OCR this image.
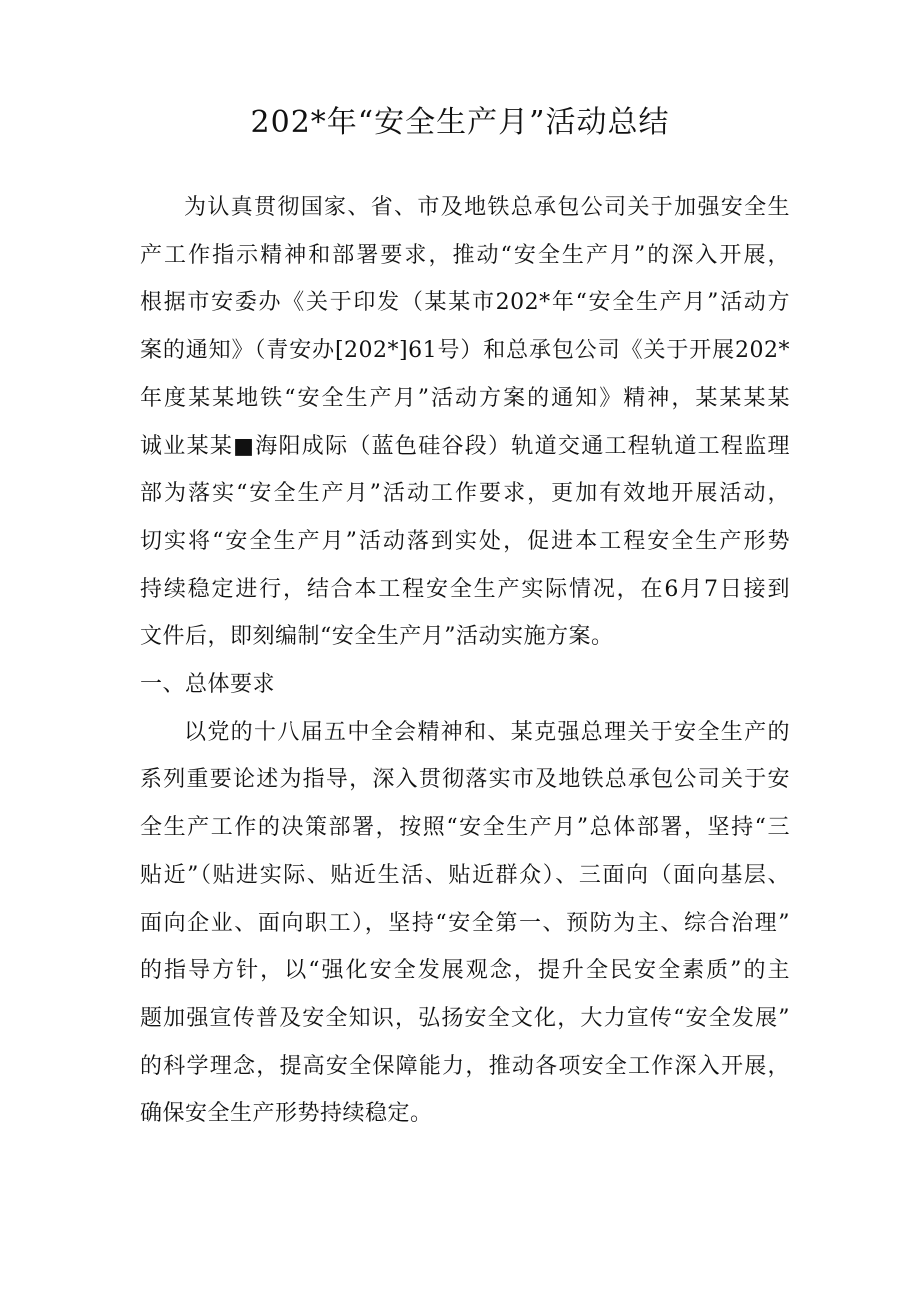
202*年“安全生产月”活动总结

为认真贯彻国家、省、市及地铁总承包公司关于加强安全生
产工作指示精神和部署要求，推动“安全生产月”的深入开展，
根据市安委办《关于印发（某某市202*年“安全生产月”活动方
案的通知》（青安办[202*]61号）和总承包公司《关于开展202*
年度某某地铁“安全生产月”活动方案的通知》精神，某某某某
诚业某某■海阳成际（蓝色硅谷段）轨道交通工程轨道工程监理
部为落实“安全生产月”活动工作要求，更加有效地开展活动，
切实将“安全生产月”活动落到实处，促进本工程安全生产形势
持续稳定进行，结合本工程安全生产实际情况，在6月7日接到
文件后，即刻编制“安全生产月”活动实施方案。

一、总体要求

以党的十八届五中全会精神和、某克强总理关于安全生产的
系列重要论述为指导，深入贯彻落实市及地铁总承包公司关于安
全生产工作的决策部署，按照“安全生产月”总体部署，坚持“三
贴近”（贴进实际、贴近生活、贴近群众）、三面向（面向基层、
面向企业、面向职工），坚持“安全第一、预防为主、综合治理”
的指导方针，以“强化安全发展观念，提升全民安全素质”的主
题加强宣传普及安全知识，弘扬安全文化，大力宣传“安全发展”
的科学理念，提高安全保障能力，推动各项安全工作深入开展，
确保安全生产形势持续稳定。
